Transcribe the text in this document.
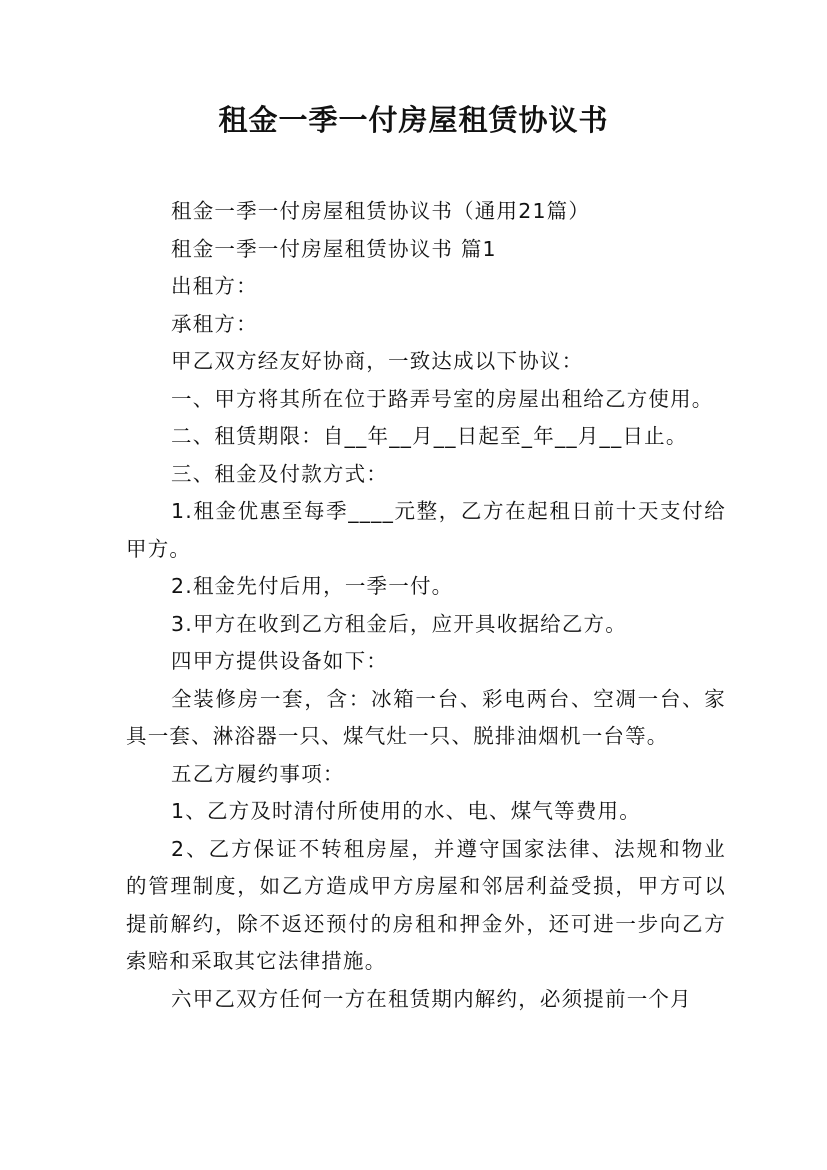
租金一季一付房屋租赁协议书

租金一季一付房屋租赁协议书（通用21篇）

租金一季一付房屋租赁协议书 篇1

出租方：

承租方：

甲乙双方经友好协商，一致达成以下协议：

一、甲方将其所在位于路弄号室的房屋出租给乙方使用。

二、租赁期限：自__年__月__日起至_年__月__日止。

三、租金及付款方式：

1.租金优惠至每季____元整，乙方在起租日前十天支付给甲方。

2.租金先付后用，一季一付。

3.甲方在收到乙方租金后，应开具收据给乙方。

四甲方提供设备如下：

全装修房一套，含：冰箱一台、彩电两台、空凋一台、家具一套、淋浴器一只、煤气灶一只、脱排油烟机一台等。

五乙方履约事项：

1、乙方及时清付所使用的水、电、煤气等费用。

2、乙方保证不转租房屋，并遵守国家法律、法规和物业的管理制度，如乙方造成甲方房屋和邻居利益受损，甲方可以提前解约，除不返还预付的房租和押金外，还可进一步向乙方索赔和采取其它法律措施。

六甲乙双方任何一方在租赁期内解约，必须提前一个月
